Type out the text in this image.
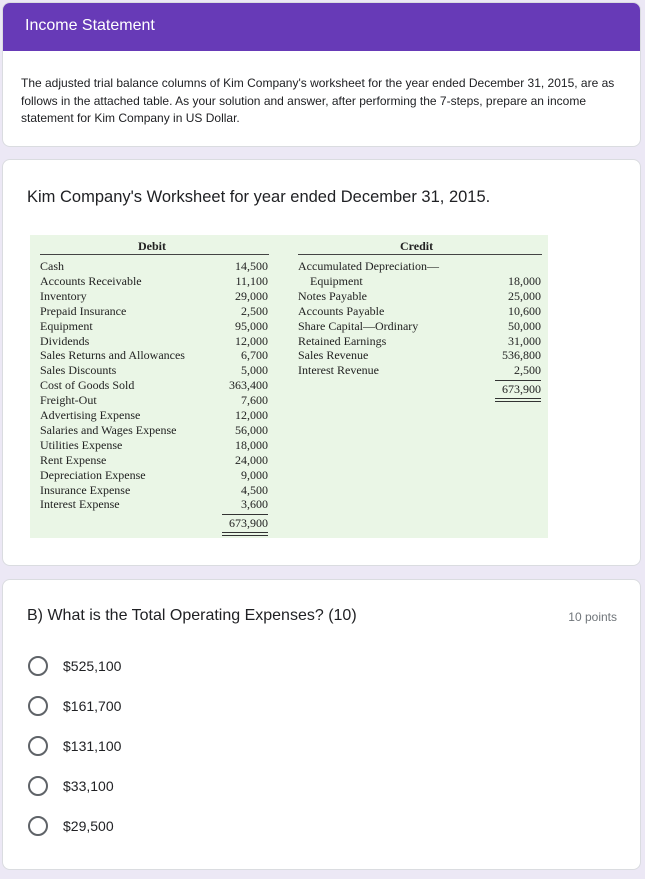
Income Statement
The adjusted trial balance columns of Kim Company's worksheet for the year ended December 31, 2015, are as follows in the attached table. As your solution and answer, after performing the 7-steps, prepare an income statement for Kim Company in US Dollar.
Kim Company's Worksheet for year ended December 31, 2015.
Debit	Credit
Cash	14,500
Accounts Receivable	11,100
Inventory	29,000
Prepaid Insurance	2,500
Equipment	95,000
Dividends	12,000
Sales Returns and Allowances	6,700
Sales Discounts	5,000
Cost of Goods Sold	363,400
Freight-Out	7,600
Advertising Expense	12,000
Salaries and Wages Expense	56,000
Utilities Expense	18,000
Rent Expense	24,000
Depreciation Expense	9,000
Insurance Expense	4,500
Interest Expense	3,600
673,900
Accumulated Depreciation—
Equipment	18,000
Notes Payable	25,000
Accounts Payable	10,600
Share Capital—Ordinary	50,000
Retained Earnings	31,000
Sales Revenue	536,800
Interest Revenue	2,500
673,900
B) What is the Total Operating Expenses? (10)	10 points
$525,100
$161,700
$131,100
$33,100
$29,500
